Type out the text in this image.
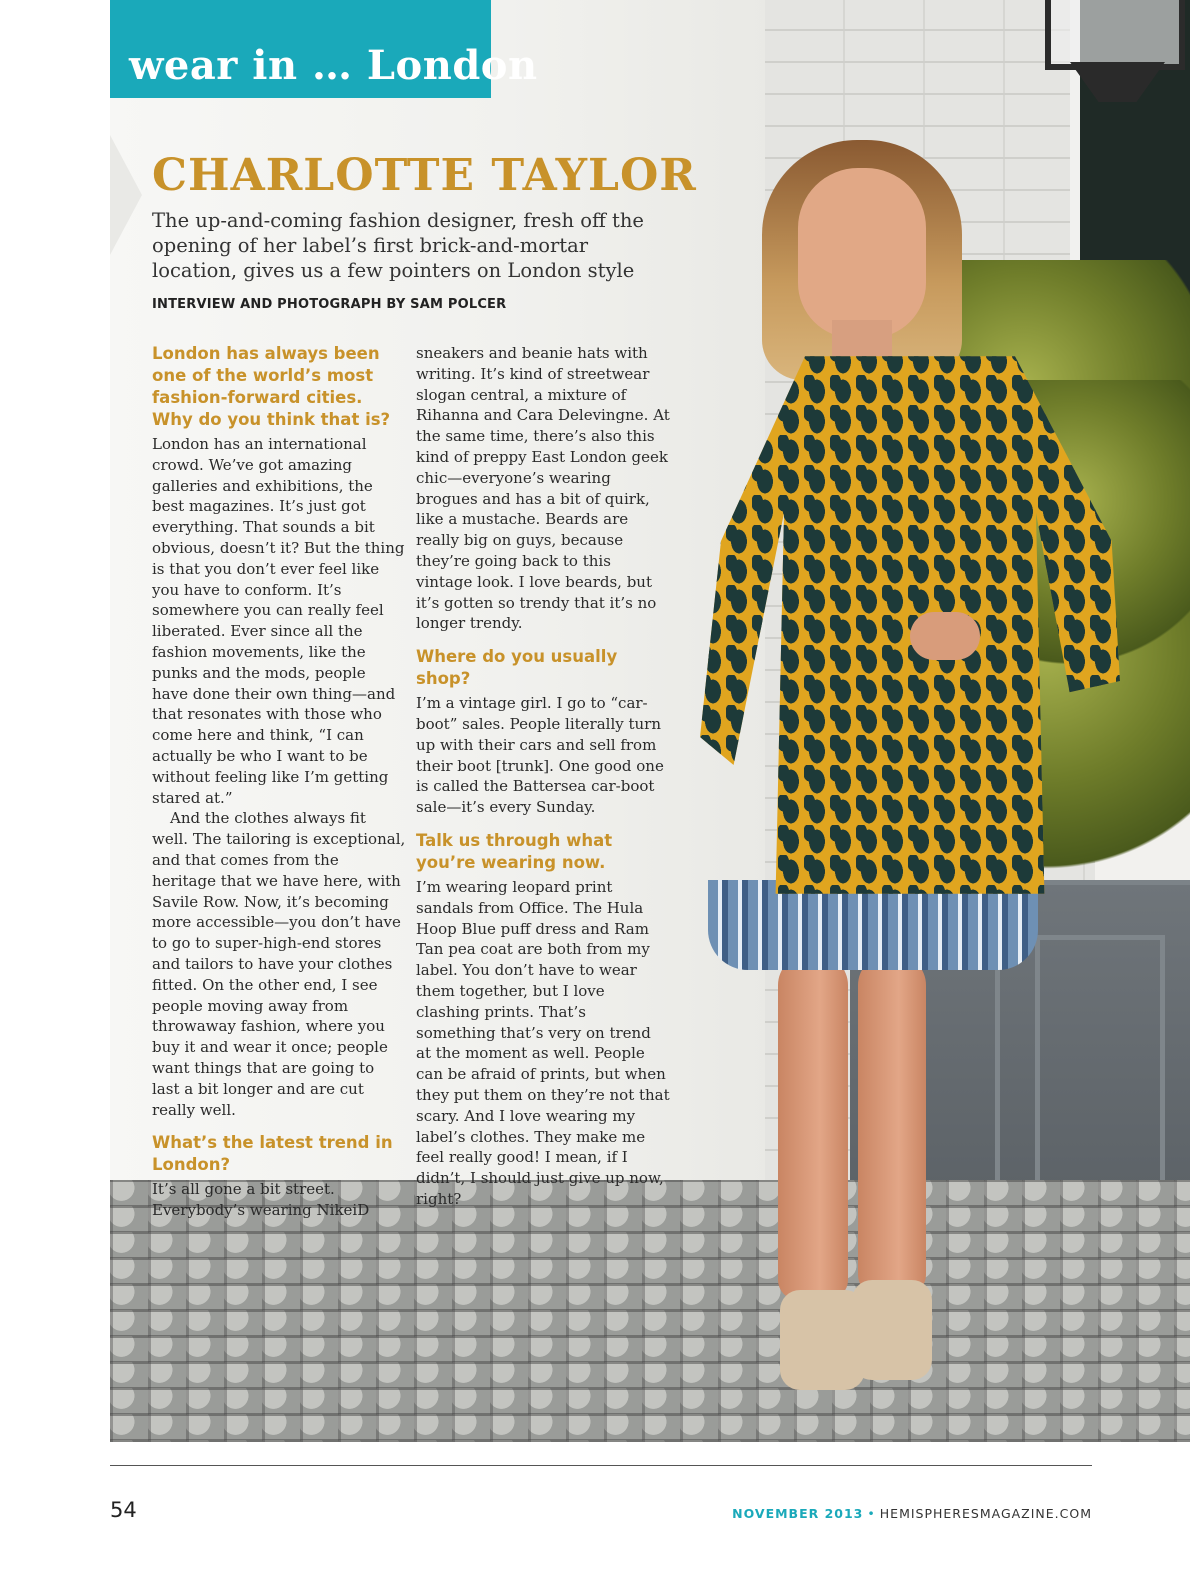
wear in … London
CHARLOTTE TAYLOR
The up-and-coming fashion designer, fresh off the opening of her label’s first brick-and-mortar location, gives us a few pointers on London style
INTERVIEW AND PHOTOGRAPH BY SAM POLCER
London has always been one of the world’s most fashion-forward cities. Why do you think that is?

London has an international crowd. We’ve got amazing galleries and exhibitions, the best magazines. It’s just got everything. That sounds a bit obvious, doesn’t it? But the thing is that you don’t ever feel like you have to conform. It’s somewhere you can really feel liberated. Ever since all the fashion movements, like the punks and the mods, people have done their own thing—and that resonates with those who come here and think, “I can actually be who I want to be without feeling like I’m getting stared at.”

And the clothes always fit well. The tailoring is exceptional, and that comes from the heritage that we have here, with Savile Row. Now, it’s becoming more accessible—you don’t have to go to super-high-end stores and tailors to have your clothes fitted. On the other end, I see people moving away from throwaway fashion, where you buy it and wear it once; people want things that are going to last a bit longer and are cut really well.

What’s the latest trend in London?

It’s all gone a bit street. Everybody’s wearing NikeiD

sneakers and beanie hats with writing. It’s kind of streetwear slogan central, a mixture of Rihanna and Cara Delevingne. At the same time, there’s also this kind of preppy East London geek chic—everyone’s wearing brogues and has a bit of quirk, like a mustache. Beards are really big on guys, because they’re going back to this vintage look. I love beards, but it’s gotten so trendy that it’s no longer trendy.

Where do you usually shop?

I’m a vintage girl. I go to “car-boot” sales. People literally turn up with their cars and sell from their boot [trunk]. One good one is called the Battersea car-boot sale—it’s every Sunday.

Talk us through what you’re wearing now.

I’m wearing leopard print sandals from Office. The Hula Hoop Blue puff dress and Ram Tan pea coat are both from my label. You don’t have to wear them together, but I love clashing prints. That’s something that’s very on trend at the moment as well. People can be afraid of prints, but when they put them on they’re not that scary. And I love wearing my label’s clothes. They make me feel really good! I mean, if I didn’t, I should just give up now, right?

54	NOVEMBER 2013 • HEMISPHERESMAGAZINE.COM
